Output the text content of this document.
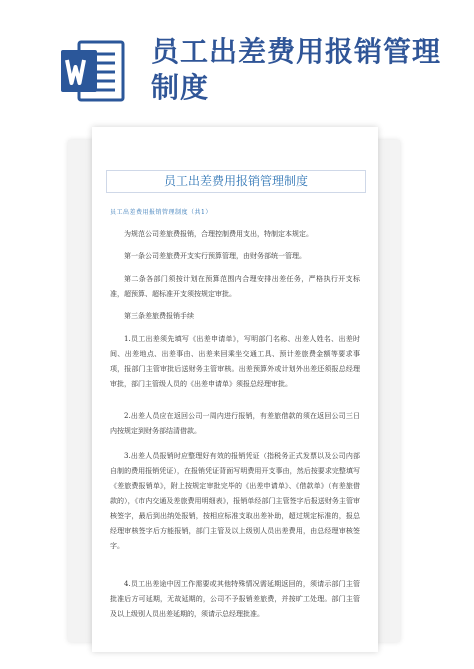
员工出差费用报销管理制度
员工出差费用报销管理制度
员工出差费用报销管理制度（共1）
为规范公司差旅费报销，合理控制费用支出，特制定本规定。
第一条公司差旅费开支实行预算管理，由财务部统一管理。
第二条各部门须按计划在预算范围内合理安排出差任务，严格执行开支标准，超预算、超标准开支须按规定审批。
第三条差旅费报销手续
1.员工出差须先填写《出差申请单》，写明部门名称、出差人姓名、出差时间、出差地点、出差事由、出差来回乘坐交通工具、预计差旅费金额等要求事项，报部门主管审批后送财务主管审核。出差预算外或计划外出差还须报总经理审批，部门主管级人员的《出差申请单》须报总经理审批。
2.出差人员应在返回公司一周内进行报销，有差旅借款的须在返回公司三日内按规定到财务部结清借款。
3.出差人员报销时应整理好有效的报销凭证（指税务正式发票以及公司内部自制的费用报销凭证），在报销凭证背面写明费用开支事由，然后按要求完整填写《差旅费报销单》，附上按规定审批完毕的《出差申请单》、《借款单》（有差旅借款的），《市内交通及差旅费用明细表》，报销单经部门主管签字后报送财务主管审核签字，最后到出纳处报销，按相应标准支取出差补助，超过规定标准的，报总经理审核签字后方能报销，部门主管及以上级别人员出差费用，由总经理审核签字。
4.员工出差途中因工作需要或其他特殊情况需延期返回的，须请示部门主管批准后方可延期，无故延期的，公司不予报销差旅费，并按旷工处理。部门主管及以上级别人员出差延期的，须请示总经理批准。
